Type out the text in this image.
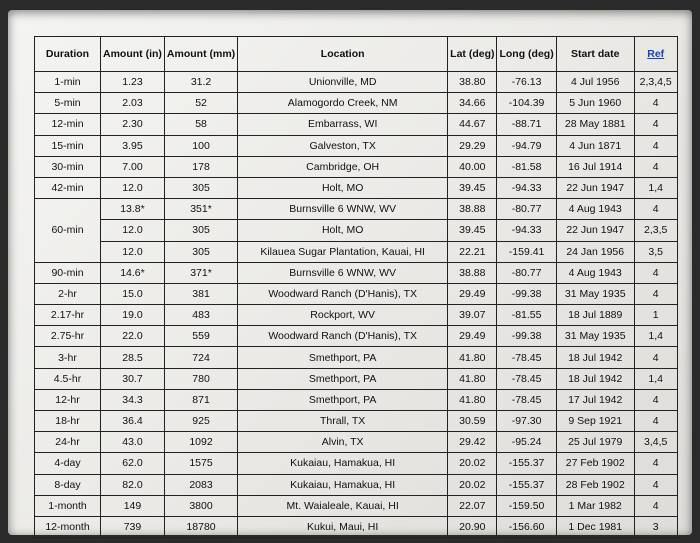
Duration	Amount (in)	Amount (mm)	Location	Lat (deg)	Long (deg)	Start date	Ref
1-min	1.23	31.2	Unionville, MD	38.80	-76.13	4 Jul 1956	2,3,4,5
5-min	2.03	52	Alamogordo Creek, NM	34.66	-104.39	5 Jun 1960	4
12-min	2.30	58	Embarrass, WI	44.67	-88.71	28 May 1881	4
15-min	3.95	100	Galveston, TX	29.29	-94.79	4 Jun 1871	4
30-min	7.00	178	Cambridge, OH	40.00	-81.58	16 Jul 1914	4
42-min	12.0	305	Holt, MO	39.45	-94.33	22 Jun 1947	1,4
60-min	13.8*	351*	Burnsville 6 WNW, WV	38.88	-80.77	4 Aug 1943	4
	12.0	305	Holt, MO	39.45	-94.33	22 Jun 1947	2,3,5
	12.0	305	Kilauea Sugar Plantation, Kauai, HI	22.21	-159.41	24 Jan 1956	3,5
90-min	14.6*	371*	Burnsville 6 WNW, WV	38.88	-80.77	4 Aug 1943	4
2-hr	15.0	381	Woodward Ranch (D'Hanis), TX	29.49	-99.38	31 May 1935	4
2.17-hr	19.0	483	Rockport, WV	39.07	-81.55	18 Jul 1889	1
2.75-hr	22.0	559	Woodward Ranch (D'Hanis), TX	29.49	-99.38	31 May 1935	1,4
3-hr	28.5	724	Smethport, PA	41.80	-78.45	18 Jul 1942	4
4.5-hr	30.7	780	Smethport, PA	41.80	-78.45	18 Jul 1942	1,4
12-hr	34.3	871	Smethport, PA	41.80	-78.45	17 Jul 1942	4
18-hr	36.4	925	Thrall, TX	30.59	-97.30	9 Sep 1921	4
24-hr	43.0	1092	Alvin, TX	29.42	-95.24	25 Jul 1979	3,4,5
4-day	62.0	1575	Kukaiau, Hamakua, HI	20.02	-155.37	27 Feb 1902	4
8-day	82.0	2083	Kukaiau, Hamakua, HI	20.02	-155.37	28 Feb 1902	4
1-month	149	3800	Mt. Waialeale, Kauai, HI	22.07	-159.50	1 Mar 1982	4
12-month	739	18780	Kukui, Maui, HI	20.90	-156.60	1 Dec 1981	3
